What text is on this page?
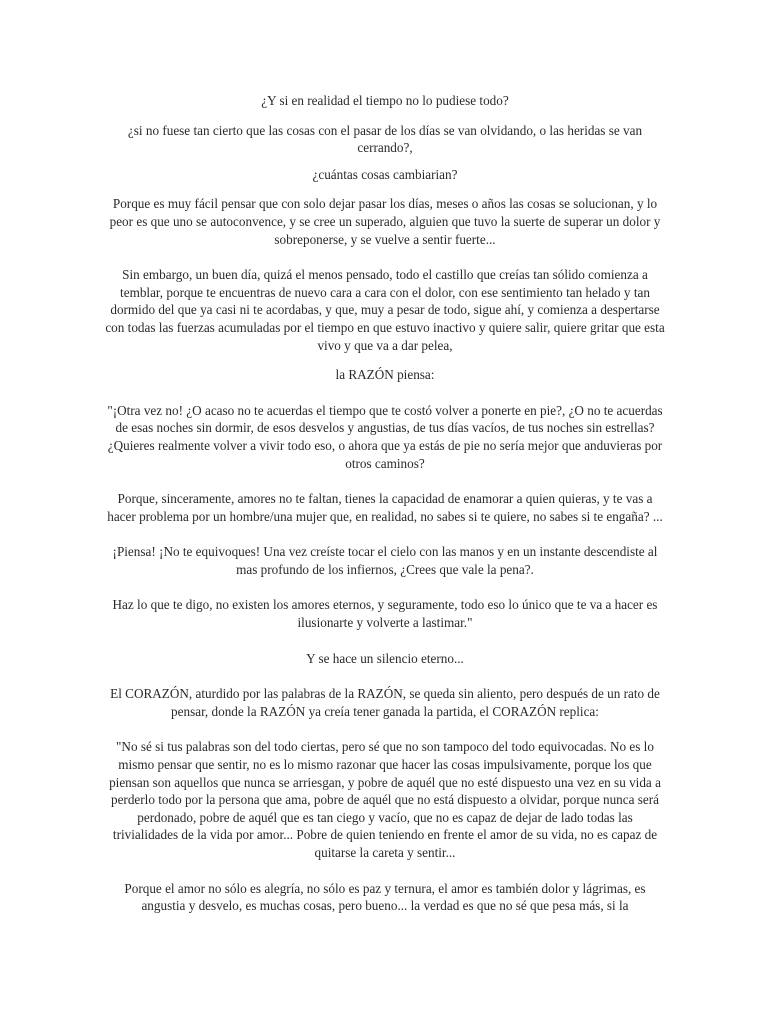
¿Y si en realidad el tiempo no lo pudiese todo?

¿si no fuese tan cierto que las cosas con el pasar de los días se van olvidando, o las heridas se van cerrando?,

¿cuántas cosas cambiarian?

Porque es muy fácil pensar que con solo dejar pasar los días, meses o años las cosas se solucionan, y lo peor es que uno se autoconvence, y se cree un superado, alguien que tuvo la suerte de superar un dolor y sobreponerse, y se vuelve a sentir fuerte...

Sin embargo, un buen día, quizá el menos pensado, todo el castillo que creías tan sólido comienza a temblar, porque te encuentras de nuevo cara a cara con el dolor, con ese sentimiento tan helado y tan dormido del que ya casi ni te acordabas, y que, muy a pesar de todo, sigue ahí, y comienza a despertarse con todas las fuerzas acumuladas por el tiempo en que estuvo inactivo y quiere salir, quiere gritar que esta vivo y que va a dar pelea,

la RAZÓN piensa:

"¡Otra vez no! ¿O acaso no te acuerdas el tiempo que te costó volver a ponerte en pie?, ¿O no te acuerdas de esas noches sin dormir, de esos desvelos y angustias, de tus días vacíos, de tus noches sin estrellas? ¿Quieres realmente volver a vivir todo eso, o ahora que ya estás de pie no sería mejor que anduvieras por otros caminos?

Porque, sinceramente, amores no te faltan, tienes la capacidad de enamorar a quien quieras, y te vas a hacer problema por un hombre/una mujer que, en realidad, no sabes si te quiere, no sabes si te engaña? ...

¡Piensa! ¡No te equivoques! Una vez creíste tocar el cielo con las manos y en un instante descendiste al mas profundo de los infiernos, ¿Crees que vale la pena?.

Haz lo que te digo, no existen los amores eternos, y seguramente, todo eso lo único que te va a hacer es ilusionarte y volverte a lastimar."

Y se hace un silencio eterno...

El CORAZÓN, aturdido por las palabras de la RAZÓN, se queda sin aliento, pero después de un rato de pensar, donde la RAZÓN ya creía tener ganada la partida, el CORAZÓN replica:

"No sé si tus palabras son del todo ciertas, pero sé que no son tampoco del todo equivocadas. No es lo mismo pensar que sentir, no es lo mismo razonar que hacer las cosas impulsivamente, porque los que piensan son aquellos que nunca se arriesgan, y pobre de aquél que no esté dispuesto una vez en su vida a perderlo todo por la persona que ama, pobre de aquél que no está dispuesto a olvidar, porque nunca será perdonado, pobre de aquél que es tan ciego y vacío, que no es capaz de dejar de lado todas las trivialidades de la vida por amor... Pobre de quien teniendo en frente el amor de su vida, no es capaz de quitarse la careta y sentir...

Porque el amor no sólo es alegría, no sólo es paz y ternura, el amor es también dolor y lágrimas, es angustia y desvelo, es muchas cosas, pero bueno... la verdad es que no sé que pesa más, si la
